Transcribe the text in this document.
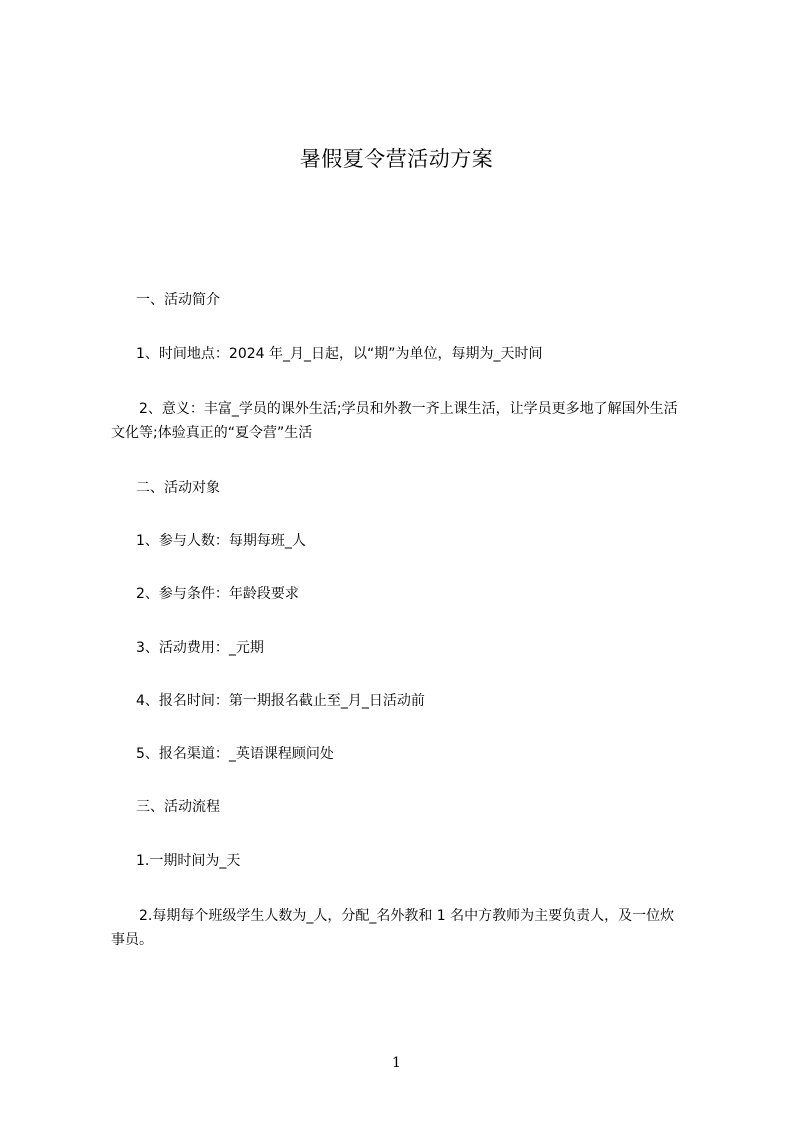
暑假夏令营活动方案
一、活动简介
1、时间地点：2024 年_月_日起，以“期”为单位，每期为_天时间
2、意义：丰富_学员的课外生活;学员和外教一齐上课生活，让学员更多地了解国外生活文化等;体验真正的“夏令营”生活
二、活动对象
1、参与人数：每期每班_人
2、参与条件：年龄段要求
3、活动费用：_元期
4、报名时间：第一期报名截止至_月_日活动前
5、报名渠道：_英语课程顾问处
三、活动流程
1.一期时间为_天
2.每期每个班级学生人数为_人，分配_名外教和 1 名中方教师为主要负责人，及一位炊事员。
1
